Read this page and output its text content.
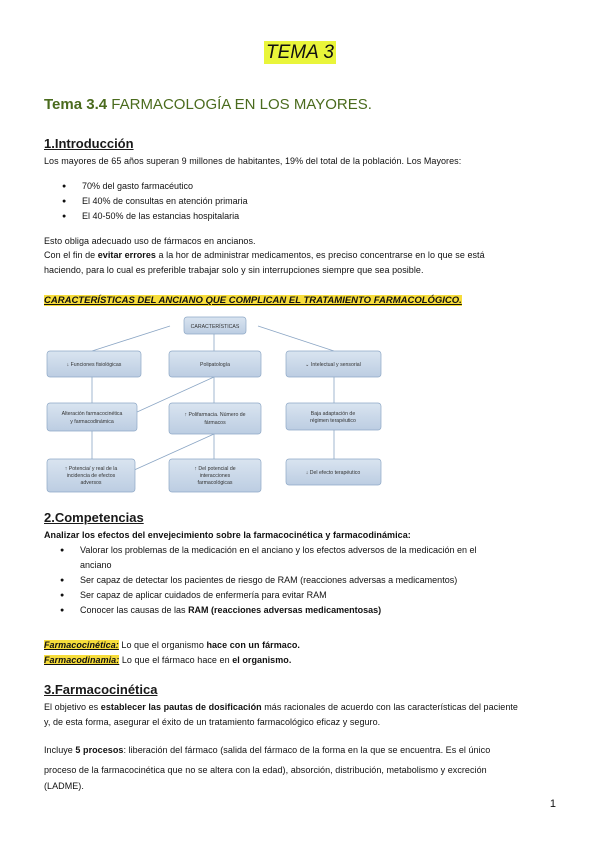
TEMA 3
Tema 3.4 FARMACOLOGÍA EN LOS MAYORES.
1.Introducción
Los mayores de 65 años superan 9 millones de habitantes, 19% del total de la población. Los Mayores:
● 70% del gasto farmacéutico
● El 40% de consultas en atención primaria
● El 40-50% de las estancias hospitalaria
Esto obliga adecuado uso de fármacos en ancianos.
Con el fin de evitar errores a la hor de administrar medicamentos, es preciso concentrarse en lo que se está
haciendo, para lo cual es preferible trabajar solo y sin interrupciones siempre que sea posible.
CARACTERÍSTICAS DEL ANCIANO QUE COMPLICAN EL TRATAMIENTO FARMACOLÓGICO.
CARACTERÍSTICAS
↓ Funciones fisiológicas
Alteración farmacocinética
y farmacodinámica
↑ Potencia/ y real de la
incidencia de efectos
adversos
Polipatología
↑ Polifarmacia. Número de
fármacos
↑ Del potencial de
interacciones
farmacológicas
⌄ Intelectual y sensorial
Baja adaptación de
régimen terapéutico
↓ Del efecto terapéutico
2.Competencias
Analizar los efectos del envejecimiento sobre la farmacocinética y farmacodinámica:
● Valorar los problemas de la medicación en el anciano y los efectos adversos de la medicación en el
anciano
● Ser capaz de detectar los pacientes de riesgo de RAM (reacciones adversas a medicamentos)
● Ser capaz de aplicar cuidados de enfermería para evitar RAM
● Conocer las causas de las RAM (reacciones adversas medicamentosas)
Farmacocinética: Lo que el organismo hace con un fármaco.
Farmacodinamia: Lo que el fármaco hace en el organismo.
3.Farmacocinética
El objetivo es establecer las pautas de dosificación más racionales de acuerdo con las características del paciente
y, de esta forma, asegurar el éxito de un tratamiento farmacológico eficaz y seguro.
Incluye 5 procesos: liberación del fármaco (salida del fármaco de la forma en la que se encuentra. Es el único
proceso de la farmacocinética que no se altera con la edad), absorción, distribución, metabolismo y excreción
(LADME).
1
